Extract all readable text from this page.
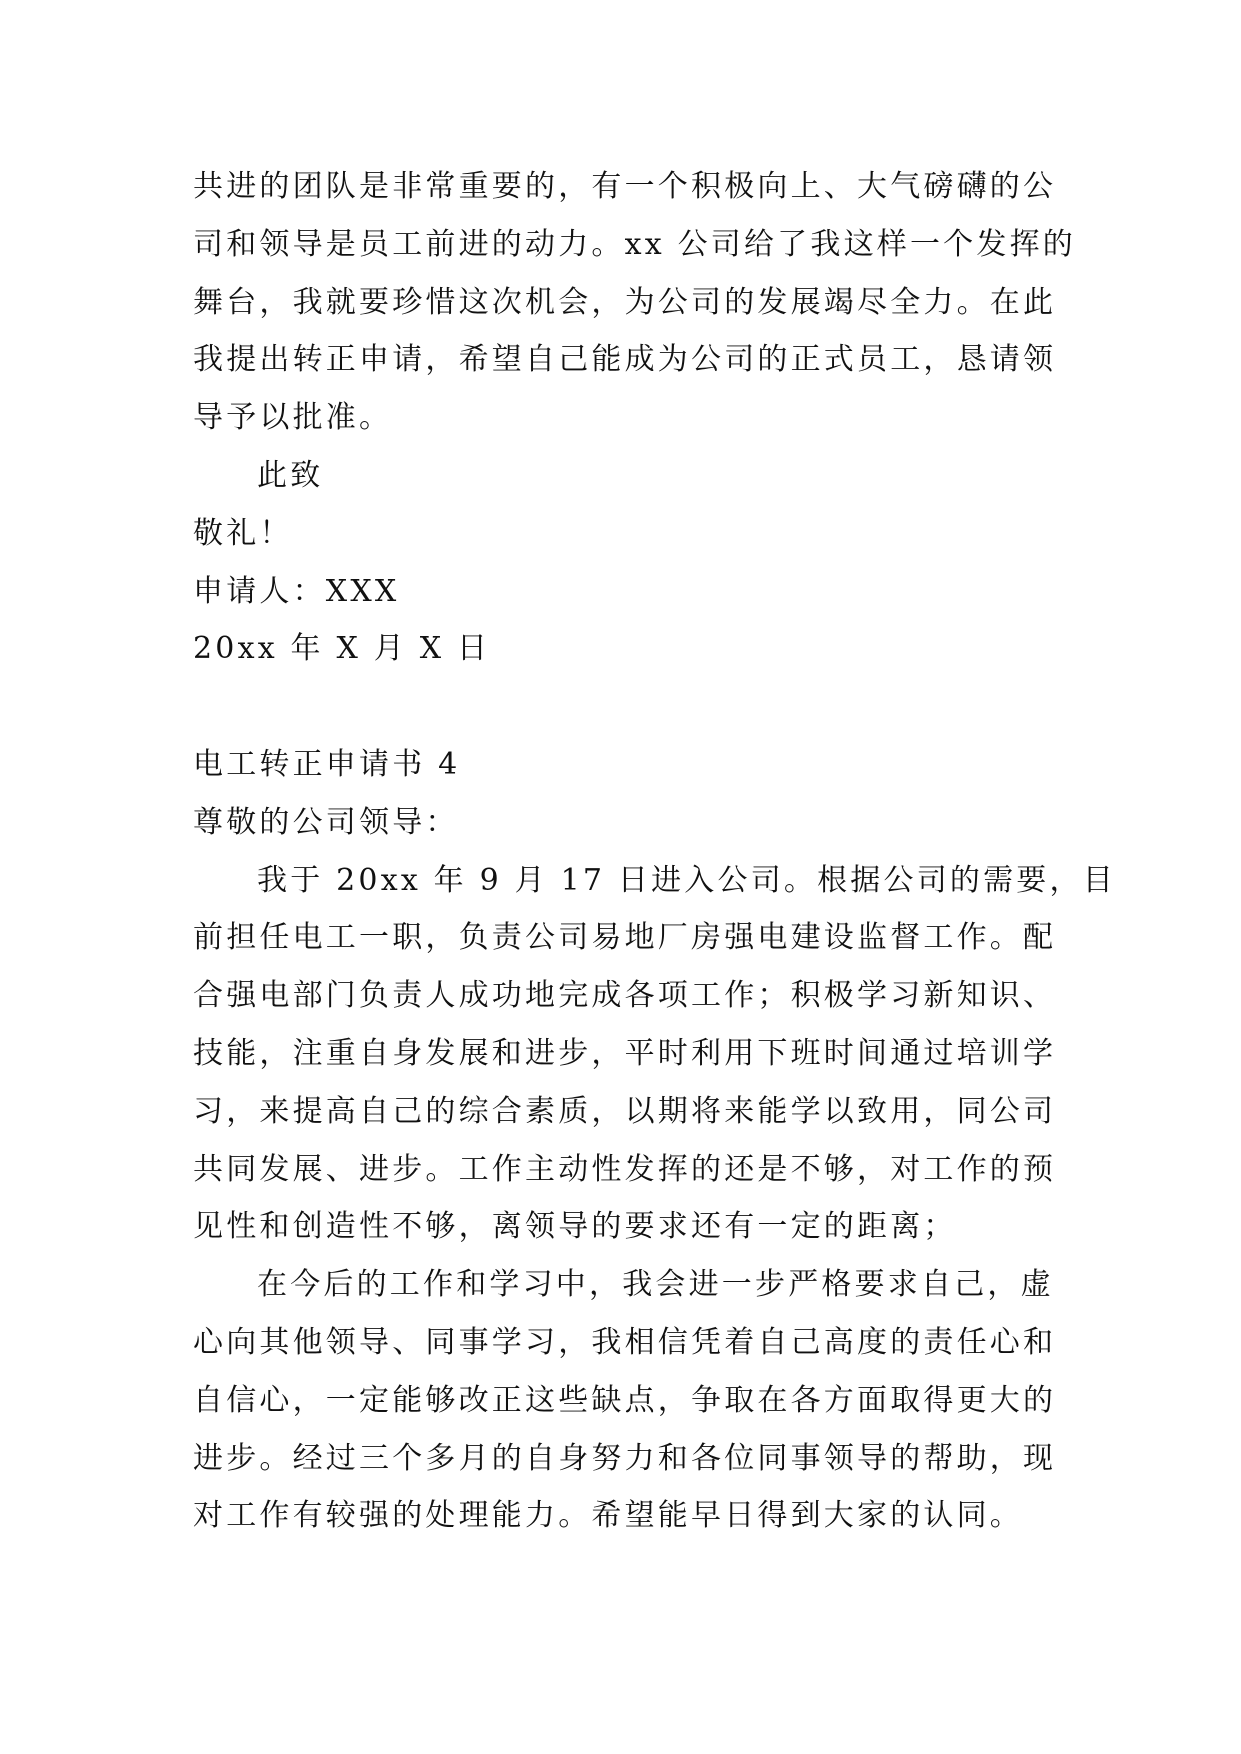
共进的团队是非常重要的，有一个积极向上、大气磅礴的公
司和领导是员工前进的动力。xx 公司给了我这样一个发挥的
舞台，我就要珍惜这次机会，为公司的发展竭尽全力。在此
我提出转正申请，希望自己能成为公司的正式员工，恳请领
导予以批准。
此致
敬礼！
申请人：XXX
20xx 年 X 月 X 日
电工转正申请书 4
尊敬的公司领导：
我于 20xx 年 9 月 17 日进入公司。根据公司的需要，目
前担任电工一职，负责公司易地厂房强电建设监督工作。配
合强电部门负责人成功地完成各项工作；积极学习新知识、
技能，注重自身发展和进步，平时利用下班时间通过培训学
习，来提高自己的综合素质，以期将来能学以致用，同公司
共同发展、进步。工作主动性发挥的还是不够，对工作的预
见性和创造性不够，离领导的要求还有一定的距离；
在今后的工作和学习中，我会进一步严格要求自己，虚
心向其他领导、同事学习，我相信凭着自己高度的责任心和
自信心，一定能够改正这些缺点，争取在各方面取得更大的
进步。经过三个多月的自身努力和各位同事领导的帮助，现
对工作有较强的处理能力。希望能早日得到大家的认同。
